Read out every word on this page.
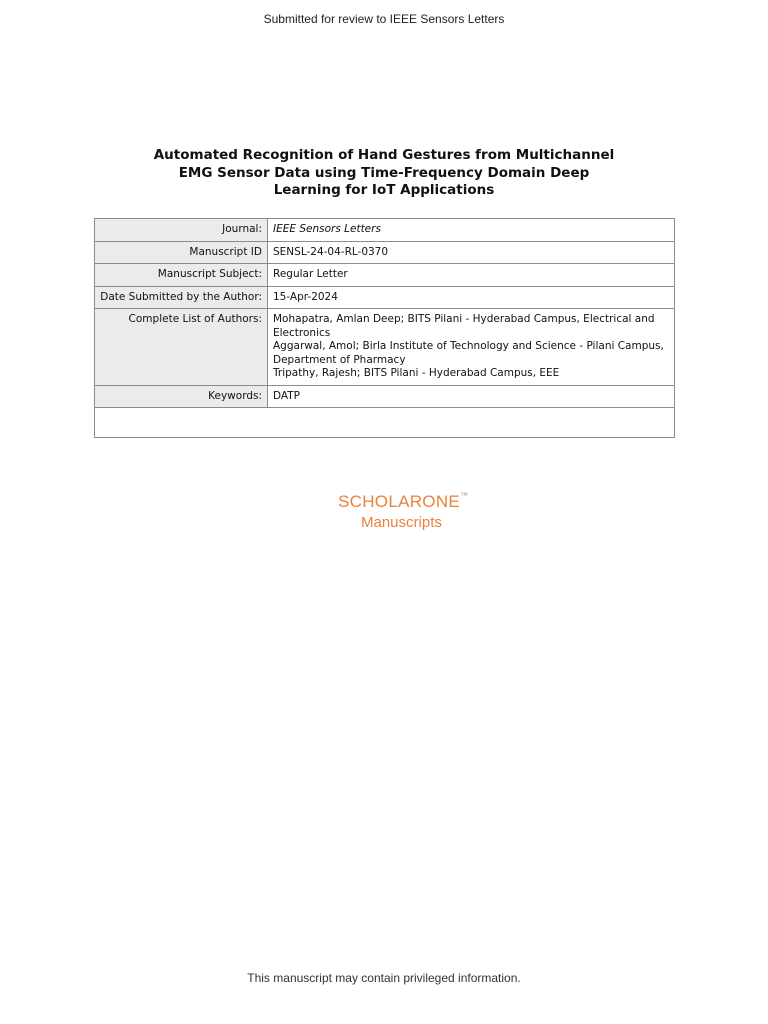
Submitted for review to IEEE Sensors Letters
Automated Recognition of Hand Gestures from Multichannel
EMG Sensor Data using Time-Frequency Domain Deep
Learning for IoT Applications
Journal:	IEEE Sensors Letters
Manuscript ID	SENSL-24-04-RL-0370
Manuscript Subject:	Regular Letter
Date Submitted by the Author:	15-Apr-2024
Complete List of Authors:	Mohapatra, Amlan Deep; BITS Pilani - Hyderabad Campus, Electrical and Electronics
Aggarwal, Amol; Birla Institute of Technology and Science - Pilani Campus, Department of Pharmacy
Tripathy, Rajesh; BITS Pilani - Hyderabad Campus, EEE

Keywords:	DATP

SCHOLARONE™
Manuscripts
This manuscript may contain privileged information.
